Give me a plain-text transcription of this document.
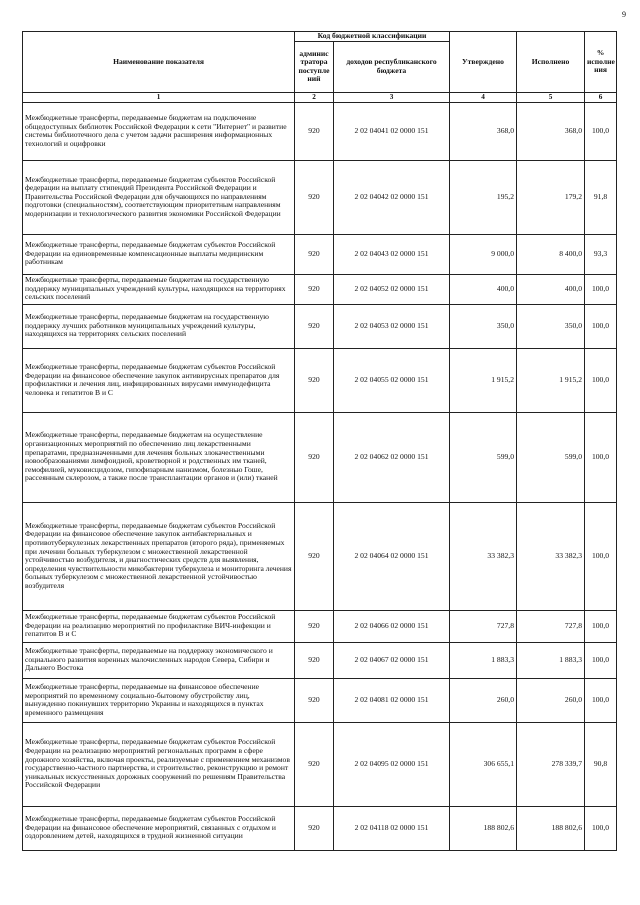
9
Наименование показателя	Код бюджетной классификации		Утверждено	Исполнено	% исполне ния
	админис тратора поступле ний	доходов республиканского бюджета			
1	2	3	4	5	6
Межбюджетные трансферты, передаваемые бюджетам на подключение общедоступных библиотек Российской Федерации к сети "Интернет" и развитие системы библиотечного дела с учетом задачи расширения информационных технологий и оцифровки	920	2 02 04041 02 0000 151	368,0	368,0	100,0
Межбюджетные трансферты, передаваемые бюджетам субъектов Российской федерации на выплату стипендий Президента Российской Федерации и Правительства Российской Федерации для обучающихся по направлениям подготовки (специальностям), соответствующим приоритетным направлениям модернизации и технологического развития экономики Российской Федерации	920	2 02 04042 02 0000 151	195,2	179,2	91,8
Межбюджетные трансферты, передаваемые бюджетам субъектов Российской Федерации на единовременные компенсационные выплаты медицинским работникам	920	2 02 04043 02 0000 151	9 000,0	8 400,0	93,3
Межбюджетные трансферты, передаваемые бюджетам на государственную поддержку муниципальных учреждений культуры, находящихся на территориях сельских поселений	920	2 02 04052 02 0000 151	400,0	400,0	100,0
Межбюджетные трансферты, передаваемые бюджетам на государственную поддержку лучших работников муниципальных учреждений культуры, находящихся на территориях сельских поселений	920	2 02 04053 02 0000 151	350,0	350,0	100,0
Межбюджетные трансферты, передаваемые бюджетам субъектов Российской Федерации на финансовое обеспечение закупок антивирусных препаратов для профилактики и лечения лиц, инфицированных вирусами иммунодефицита человека и гепатитов В и С	920	2 02 04055 02 0000 151	1 915,2	1 915,2	100,0
Межбюджетные трансферты, передаваемые бюджетам на осуществление организационных мероприятий по обеспечению лиц лекарственными препаратами, предназначенными для лечения больных злокачественными новообразованиями лимфоидной, кроветворной и родственных им тканей, гемофилией, муковисцидозом, гипофизарным нанизмом, болезнью Гоше, рассеянным склерозом, а также после трансплантации органов и (или) тканей	920	2 02 04062 02 0000 151	599,0	599,0	100,0
Межбюджетные трансферты, передаваемые бюджетам субъектов Российской Федерации на финансовое обеспечение закупок антибактериальных и противотуберкулезных лекарственных препаратов (второго ряда), применяемых при лечении больных туберкулезом с множественной лекарственной устойчивостью возбудителя, и диагностических средств для выявления, определения чувствительности микобактерии туберкулеза и мониторинга лечения больных туберкулезом с множественной лекарственной устойчивостью возбудителя	920	2 02 04064 02 0000 151	33 382,3	33 382,3	100,0
Межбюджетные трансферты, передаваемые бюджетам субъектов Российской Федерации на реализацию мероприятий по профилактике ВИЧ-инфекции и гепатитов В и С	920	2 02 04066 02 0000 151	727,8	727,8	100,0
Межбюджетные трансферты, передаваемые на поддержку экономического и социального развития коренных малочисленных народов Севера, Сибири и Дальнего Востока	920	2 02 04067 02 0000 151	1 883,3	1 883,3	100,0
Межбюджетные трансферты, передаваемые на финансовое обеспечение мероприятий по временному социально-бытовому обустройству лиц, вынужденно покинувших территорию Украины и находящихся в пунктах временного размещения	920	2 02 04081 02 0000 151	260,0	260,0	100,0
Межбюджетные трансферты, передаваемые бюджетам субъектов Российской Федерации на реализацию мероприятий региональных программ в сфере дорожного хозяйства, включая проекты, реализуемые с применением механизмов государственно-частного партнерства, и строительство, реконструкцию и ремонт уникальных искусственных дорожных сооружений по решениям Правительства Российской Федерации	920	2 02 04095 02 0000 151	306 655,1	278 339,7	90,8
Межбюджетные трансферты, передаваемые бюджетам субъектов Российской Федерации на финансовое обеспечение мероприятий, связанных с отдыхом и оздоровлением детей, находящихся в трудной жизненной ситуации	920	2 02 04118 02 0000 151	188 802,6	188 802,6	100,0
